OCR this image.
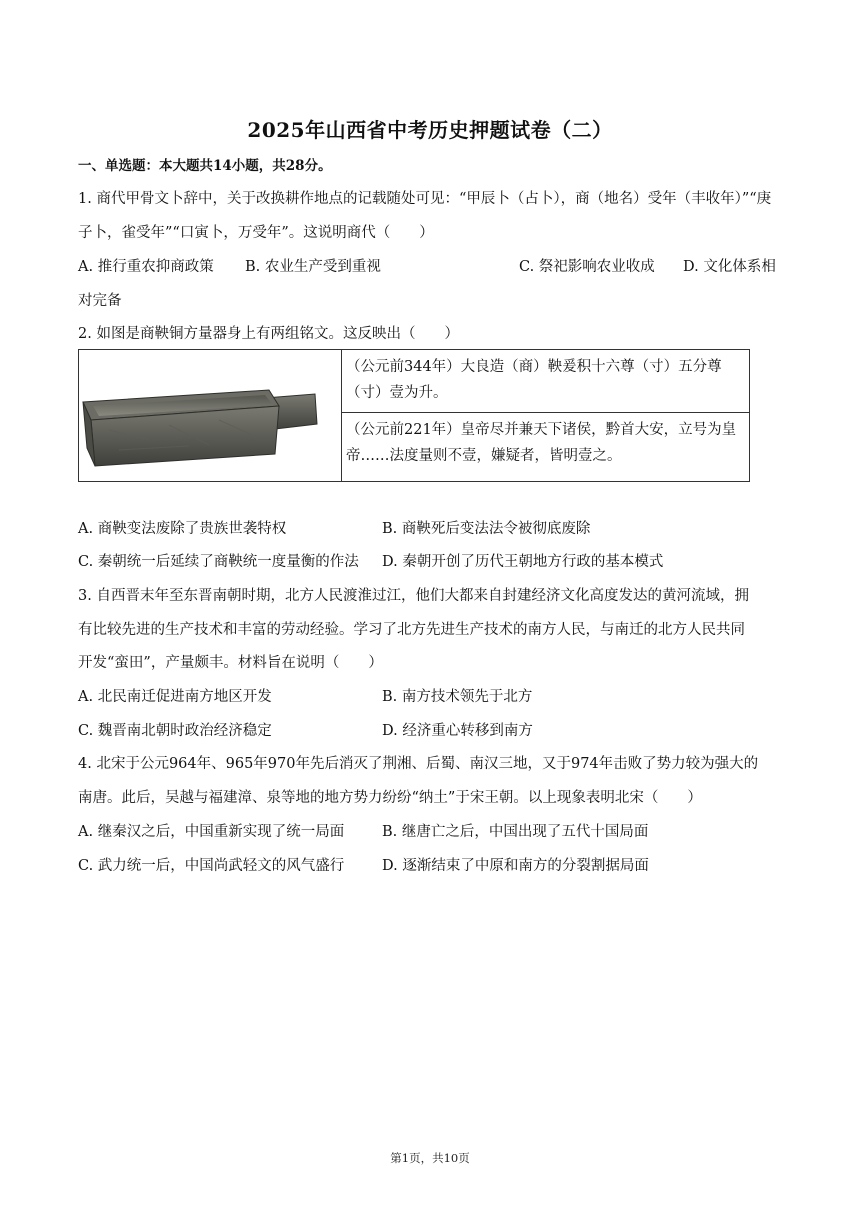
2025年山西省中考历史押题试卷（二）
一、单选题：本大题共14小题，共28分。
1. 商代甲骨文卜辞中，关于改换耕作地点的记载随处可见：“甲辰卜（占卜），商（地名）受年（丰收年）”“庚
子卜，雀受年”“口寅卜，万受年”。这说明商代（　　）
A. 推行重农抑商政策 B. 农业生产受到重视	C. 祭祀影响农业收成 D. 文化体系相
对完备
2. 如图是商鞅铜方量器身上有两组铭文。这反映出（　　）
	（公元前344年）大良造（商）鞅爰积十六尊（寸）五分尊（寸）壹为升。
（公元前221年）皇帝尽并兼天下诸侯，黔首大安，立号为皇帝……法度量则不壹，嫌疑者，皆明壹之。
A. 商鞅变法废除了贵族世袭特权	B. 商鞅死后变法法令被彻底废除
C. 秦朝统一后延续了商鞅统一度量衡的作法 D. 秦朝开创了历代王朝地方行政的基本模式
3. 自西晋末年至东晋南朝时期，北方人民渡淮过江，他们大都来自封建经济文化高度发达的黄河流域，拥
有比较先进的生产技术和丰富的劳动经验。学习了北方先进生产技术的南方人民，与南迁的北方人民共同
开发“蛮田”，产量颇丰。材料旨在说明（　　）
A. 北民南迁促进南方地区开发	B. 南方技术领先于北方
C. 魏晋南北朝时政治经济稳定	D. 经济重心转移到南方
4. 北宋于公元964年、965年970年先后消灭了荆湘、后蜀、南汉三地，又于974年击败了势力较为强大的
南唐。此后，吴越与福建漳、泉等地的地方势力纷纷“纳土”于宋王朝。以上现象表明北宋（　　）
A. 继秦汉之后，中国重新实现了统一局面	B. 继唐亡之后，中国出现了五代十国局面
C. 武力统一后，中国尚武轻文的风气盛行	D. 逐渐结束了中原和南方的分裂割据局面
第1页，共10页
